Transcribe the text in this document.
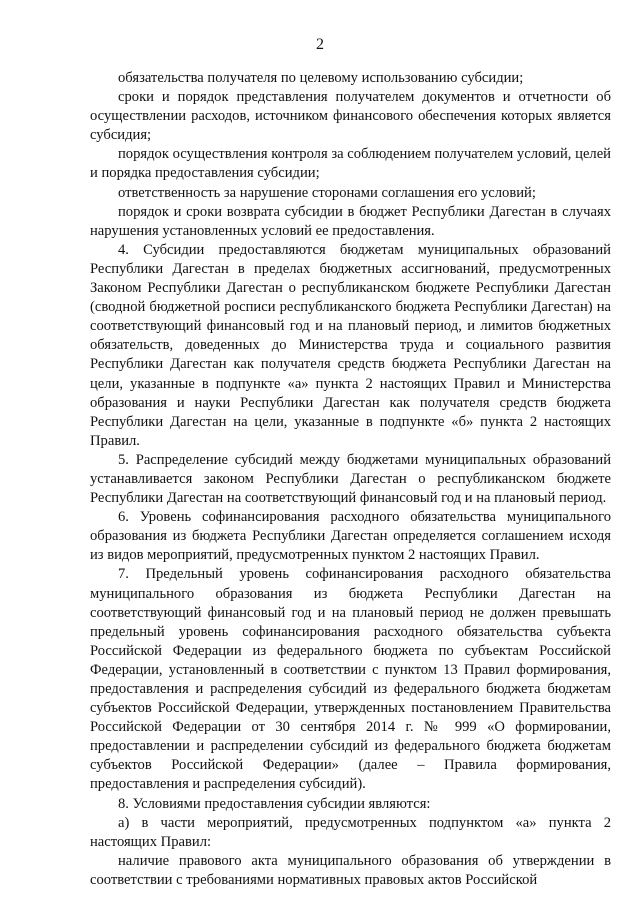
2

обязательства получателя по целевому использованию субсидии;

сроки и порядок представления получателем документов и отчетности об осуществлении расходов, источником финансового обеспечения которых является субсидия;

порядок осуществления контроля за соблюдением получателем условий, целей и порядка предоставления субсидии;

ответственность за нарушение сторонами соглашения его условий;

порядок и сроки возврата субсидии в бюджет Республики Дагестан в случаях нарушения установленных условий ее предоставления.

4. Субсидии предоставляются бюджетам муниципальных образований Республики Дагестан в пределах бюджетных ассигнований, предусмотренных Законом Республики Дагестан о республиканском бюджете Республики Дагестан (сводной бюджетной росписи республиканского бюджета Республики Дагестан) на соответствующий финансовый год и на плановый период, и лимитов бюджетных обязательств, доведенных до Министерства труда и социального развития Республики Дагестан как получателя средств бюджета Республики Дагестан на цели, указанные в подпункте «а» пункта 2 настоящих Правил и Министерства образования и науки Республики Дагестан как получателя средств бюджета Республики Дагестан на цели, указанные в подпункте «б» пункта 2 настоящих Правил.

5. Распределение субсидий между бюджетами муниципальных образований устанавливается законом Республики Дагестан о республиканском бюджете Республики Дагестан на соответствующий финансовый год и на плановый период.

6. Уровень софинансирования расходного обязательства муниципального образования из бюджета Республики Дагестан определяется соглашением исходя из видов мероприятий, предусмотренных пунктом 2 настоящих Правил.

7. Предельный уровень софинансирования расходного обязательства муниципального образования из бюджета Республики Дагестан на соответствующий финансовый год и на плановый период не должен превышать предельный уровень софинансирования расходного обязательства субъекта Российской Федерации из федерального бюджета по субъектам Российской Федерации, установленный в соответствии с пунктом 13 Правил формирования, предоставления и распределения субсидий из федерального бюджета бюджетам субъектов Российской Федерации, утвержденных постановлением Правительства Российской Федерации от 30 сентября 2014 г. № 999 «О формировании, предоставлении и распределении субсидий из федерального бюджета бюджетам субъектов Российской Федерации» (далее – Правила формирования, предоставления и распределения субсидий).

8. Условиями предоставления субсидии являются:

а) в части мероприятий, предусмотренных подпунктом «а» пункта 2 настоящих Правил:

наличие правового акта муниципального образования об утверждении в соответствии с требованиями нормативных правовых актов Российской
